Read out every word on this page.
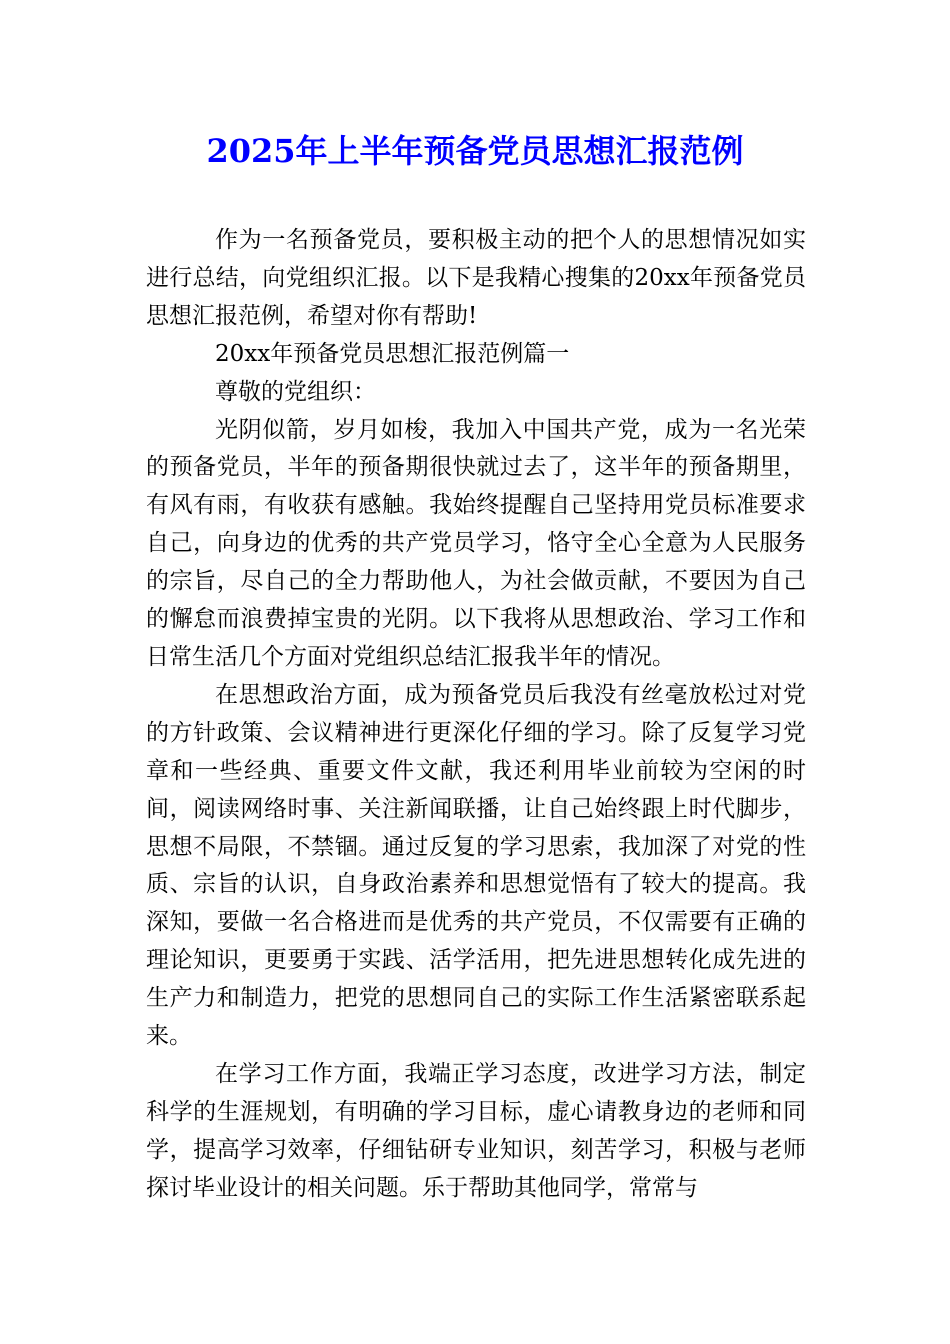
2025年上半年预备党员思想汇报范例

作为一名预备党员，要积极主动的把个人的思想情况如实进行总结，向党组织汇报。以下是我精心搜集的20xx年预备党员思想汇报范例，希望对你有帮助!

20xx年预备党员思想汇报范例篇一

尊敬的党组织：

光阴似箭，岁月如梭，我加入中国共产党，成为一名光荣的预备党员，半年的预备期很快就过去了，这半年的预备期里，有风有雨，有收获有感触。我始终提醒自己坚持用党员标准要求自己，向身边的优秀的共产党员学习，恪守全心全意为人民服务的宗旨，尽自己的全力帮助他人，为社会做贡献，不要因为自己的懈怠而浪费掉宝贵的光阴。以下我将从思想政治、学习工作和日常生活几个方面对党组织总结汇报我半年的情况。

在思想政治方面，成为预备党员后我没有丝毫放松过对党的方针政策、会议精神进行更深化仔细的学习。除了反复学习党章和一些经典、重要文件文献，我还利用毕业前较为空闲的时间，阅读网络时事、关注新闻联播，让自己始终跟上时代脚步，思想不局限，不禁锢。通过反复的学习思索，我加深了对党的性质、宗旨的认识，自身政治素养和思想觉悟有了较大的提高。我深知，要做一名合格进而是优秀的共产党员，不仅需要有正确的理论知识，更要勇于实践、活学活用，把先进思想转化成先进的生产力和制造力，把党的思想同自己的实际工作生活紧密联系起来。

在学习工作方面，我端正学习态度，改进学习方法，制定科学的生涯规划，有明确的学习目标，虚心请教身边的老师和同学，提高学习效率，仔细钻研专业知识，刻苦学习，积极与老师探讨毕业设计的相关问题。乐于帮助其他同学，常常与
